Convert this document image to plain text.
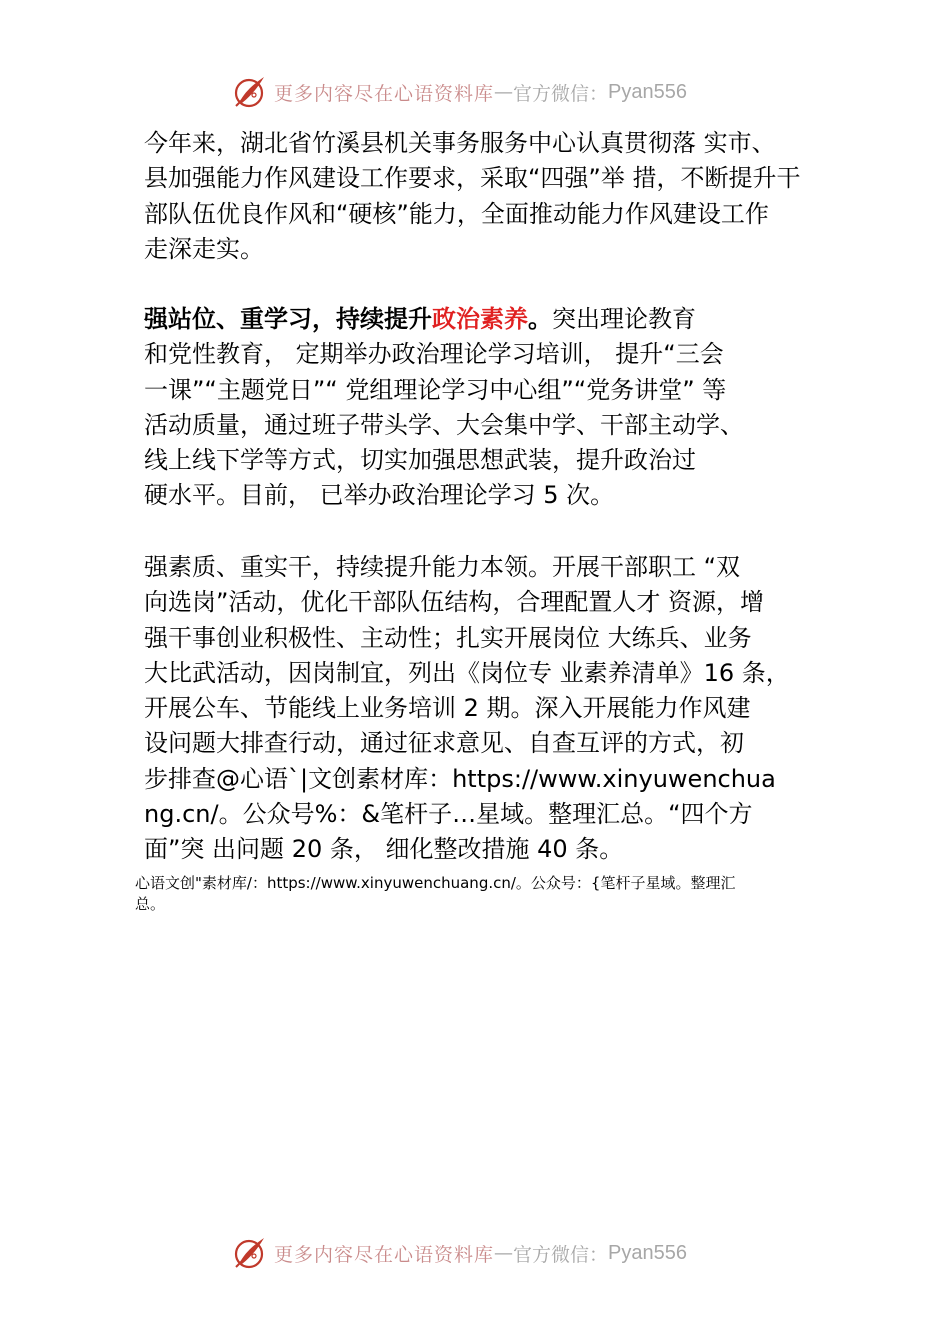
更多内容尽在心语资料库 — 官方微信： Pyan556
今年来，湖北省竹溪县机关事务服务中心认真贯彻落 实市、
县加强能力作风建设工作要求，采取“四强”举 措，不断提升干
部队伍优良作风和“硬核”能力，全面推动能力作风建设工作
走深走实。
强站位、重学习，持续提升政治素养。突出理论教育
和党性教育， 定期举办政治理论学习培训， 提升“三会
一课”“主题党日”“ 党组理论学习中心组”“党务讲堂” 等
活动质量，通过班子带头学、大会集中学、干部主动学、
线上线下学等方式，切实加强思想武装，提升政治过
硬水平。目前， 已举办政治理论学习 5 次。
强素质、重实干，持续提升能力本领。开展干部职工 “双
向选岗”活动，优化干部队伍结构，合理配置人才 资源，增
强干事创业积极性、主动性；扎实开展岗位 大练兵、业务
大比武活动，因岗制宜，列出《岗位专 业素养清单》16 条，
开展公车、节能线上业务培训 2 期。深入开展能力作风建
设问题大排查行动，通过征求意见、自查互评的方式，初
步排查@心语`|文创素材库：https://www.xinyuwenchua
ng.cn/。公众号%：&笔杆子…星域。整理汇总。“四个方
面”突 出问题 20 条， 细化整改措施 40 条。
心语文创"素材库/：https://www.xinyuwenchuang.cn/。公众号：{笔杆子星域。整理汇
总。
更多内容尽在心语资料库 — 官方微信： Pyan556
